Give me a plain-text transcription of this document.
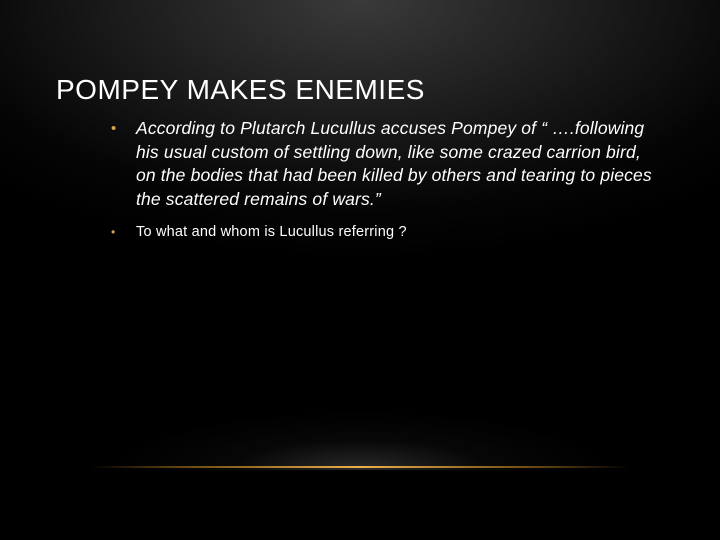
POMPEY MAKES ENEMIES
• According to Plutarch Lucullus accuses Pompey of “ ….following his usual custom of settling down, like some crazed carrion bird, on the bodies that had been killed by others and tearing to pieces the scattered remains of wars.”
• To what and whom is Lucullus referring ?
